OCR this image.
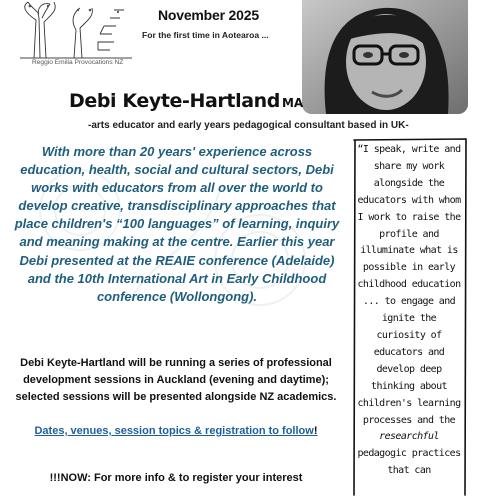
Reggio Emilia Provocations NZ
November 2025
For the first time in Aotearoa ...
Debi Keyte-Hartland MA
-arts educator and early years pedagogical consultant based in UK-

With more than 20 years' experience across education, health, social and cultural sectors, Debi works with educators from all over the world to develop creative, transdisciplinary approaches that place children's “100 languages” of learning, inquiry and meaning making at the centre. Earlier this year Debi presented at the REAIE conference (Adelaide) and the 10th International Art in Early Childhood conference (Wollongong).

Debi Keyte-Hartland will be running a series of professional development sessions in Auckland (evening and daytime); selected sessions will be presented alongside NZ academics.

Dates, venues, session topics & registration to follow!
!!!NOW: For more info & to register your interest

“I speak, write and share my work alongside the educators with whom I work to raise the profile and illuminate what is possible in early childhood education ... to engage and ignite the curiosity of educators and develop deep thinking about children's learning processes and the researchful pedagogic practices that can
